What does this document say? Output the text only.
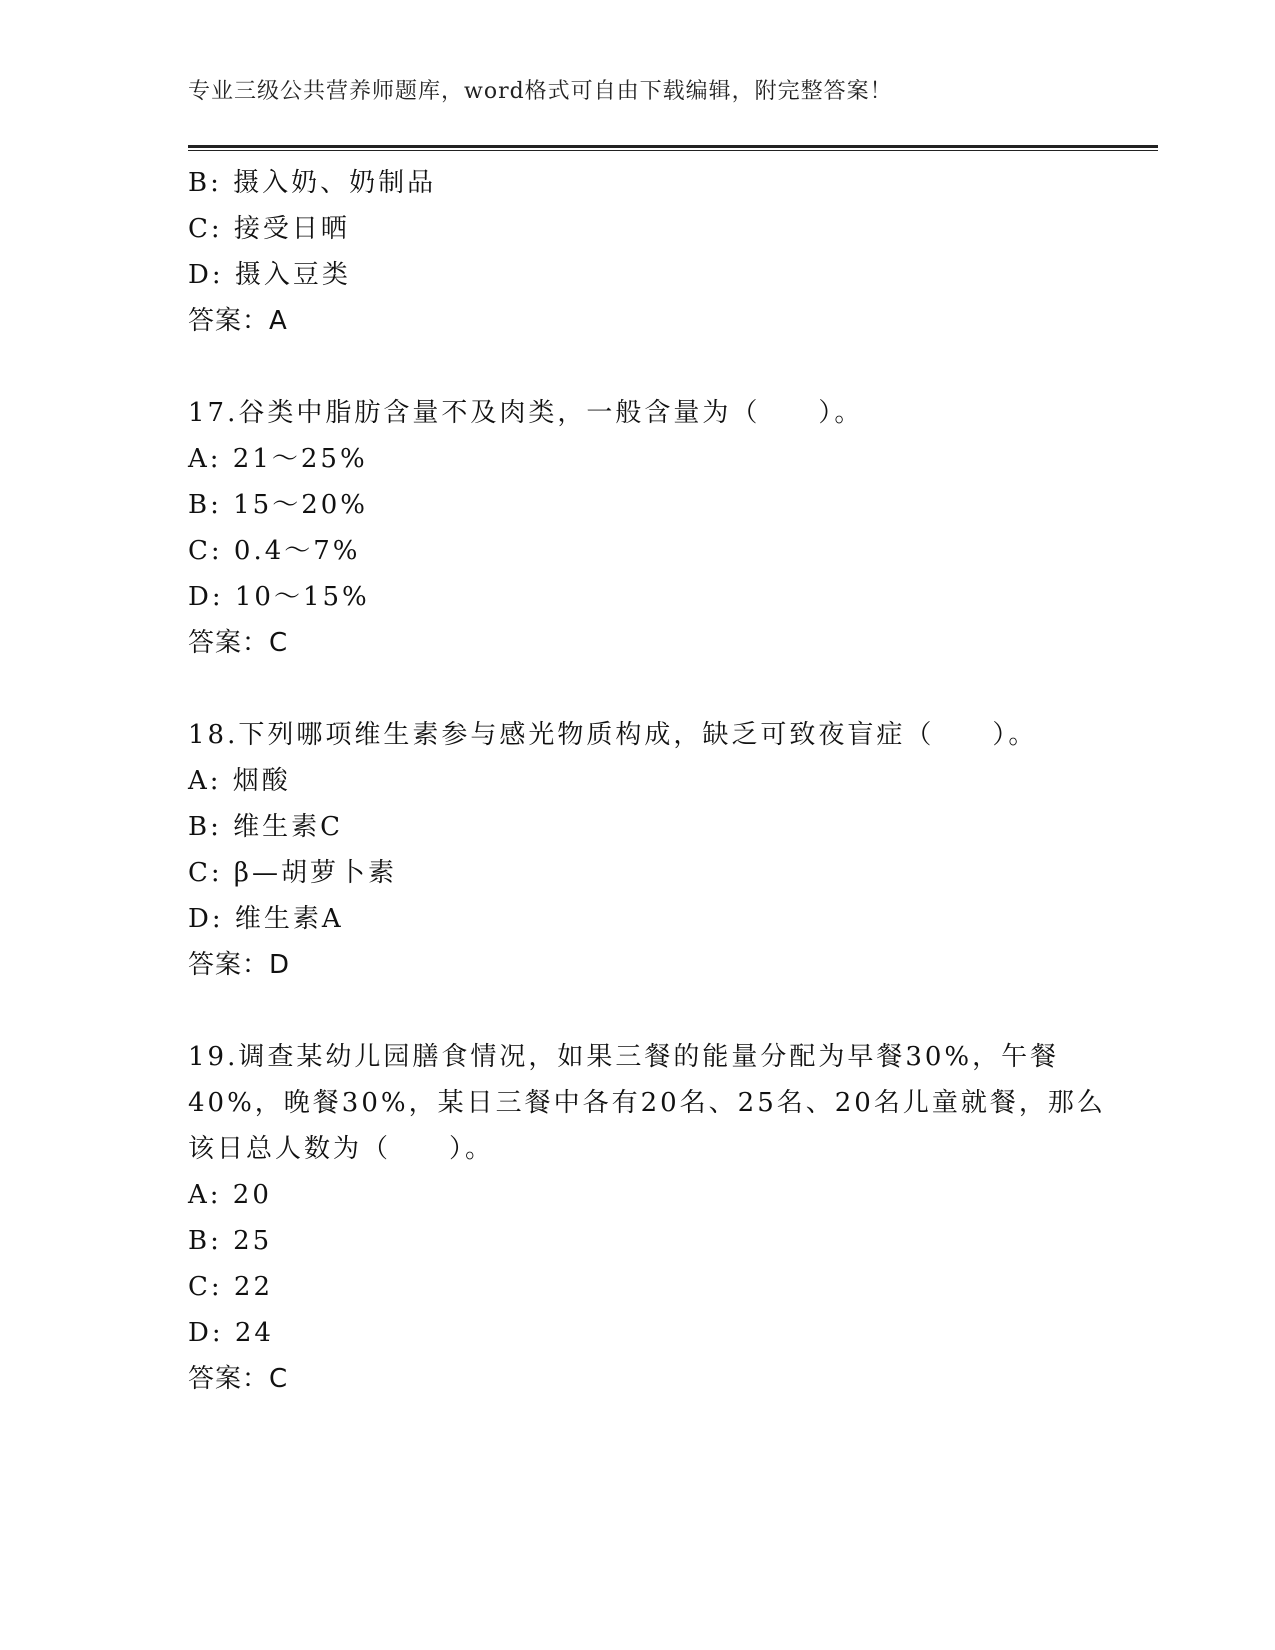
专业三级公共营养师题库，word格式可自由下载编辑，附完整答案！
B: 摄入奶、奶制品
C: 接受日晒
D: 摄入豆类
答案：A
17.谷类中脂肪含量不及肉类，一般含量为（　　）。
A: 21～25%
B: 15～20%
C: 0.4～7%
D: 10～15%
答案：C
18.下列哪项维生素参与感光物质构成，缺乏可致夜盲症（　　）。
A: 烟酸
B: 维生素C
C: β—胡萝卜素
D: 维生素A
答案：D
19.调查某幼儿园膳食情况，如果三餐的能量分配为早餐30%，午餐
40%，晚餐30%，某日三餐中各有20名、25名、20名儿童就餐，那么
该日总人数为（　　）。
A: 20
B: 25
C: 22
D: 24
答案：C
